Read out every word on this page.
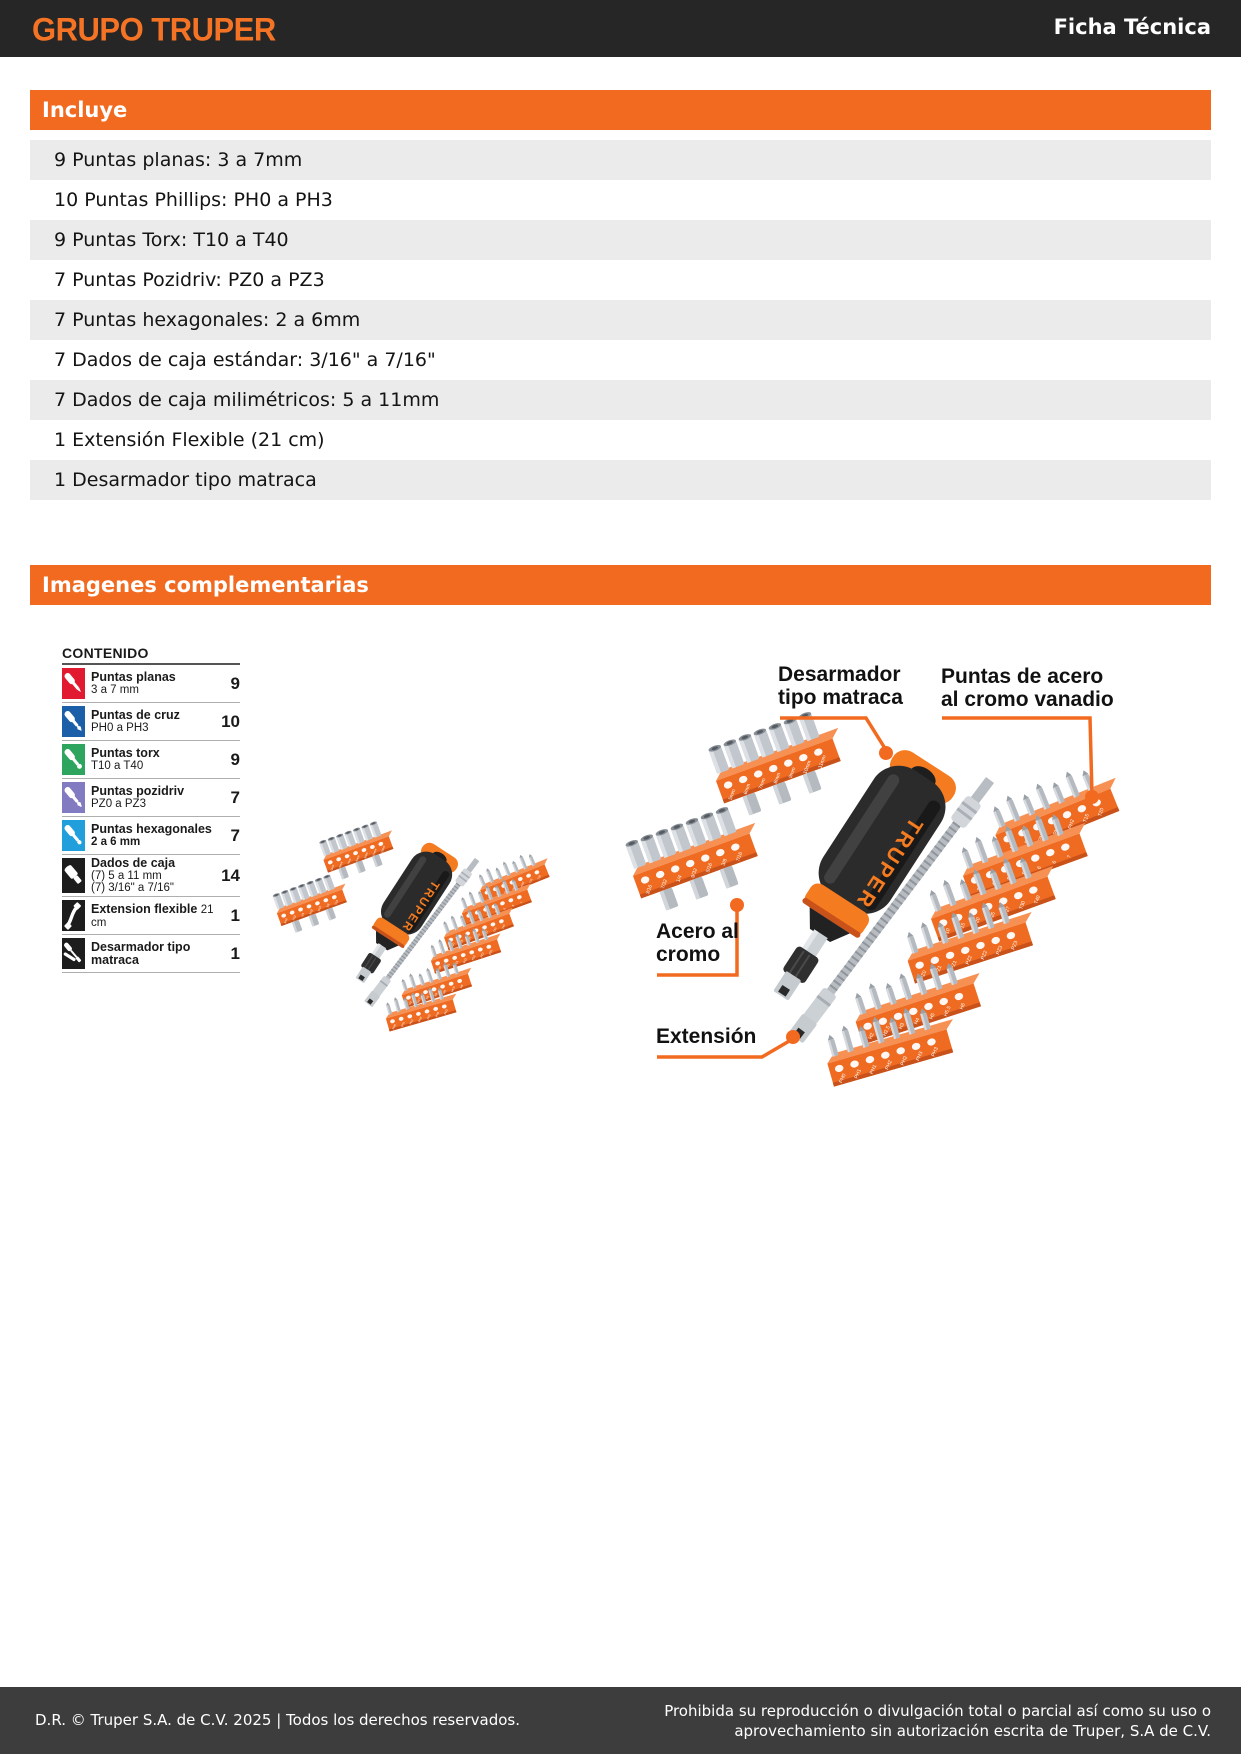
GRUPO TRUPER	Ficha Técnica
Incluye
9 Puntas planas: 3 a 7mm
10 Puntas Phillips: PH0 a PH3
9 Puntas Torx: T10 a T40
7 Puntas Pozidriv: PZ0 a PZ3
7 Puntas hexagonales: 2 a 6mm
7 Dados de caja estándar: 3/16" a 7/16"
7 Dados de caja milimétricos: 5 a 11mm
1 Extensión Flexible (21 cm)
1 Desarmador tipo matraca
Imagenes complementarias
CONTENIDO
Puntas planas
3 a 7 mm	9
Puntas de cruz
PH0 a PH3	10
Puntas torx
T10 a T40	9
Puntas pozidriv
PZ0 a PZ3	7
Puntas hexagonales
2 a 6 mm	7
Dados de caja
(7) 5 a 11 mm
(7) 3/16" a 7/16"
14
Extension flexible 21 cm	1
Desarmador tipo matraca	1
Desarmador
tipo matraca
Puntas de acero
al cromo vanadio
Acero al
cromo
Extensión
D.R. © Truper S.A. de C.V. 2025 | Todos los derechos reservados.	Prohibida su reproducción o divulgación total o parcial así como su uso o aprovechamiento sin autorización escrita de Truper, S.A de C.V.
